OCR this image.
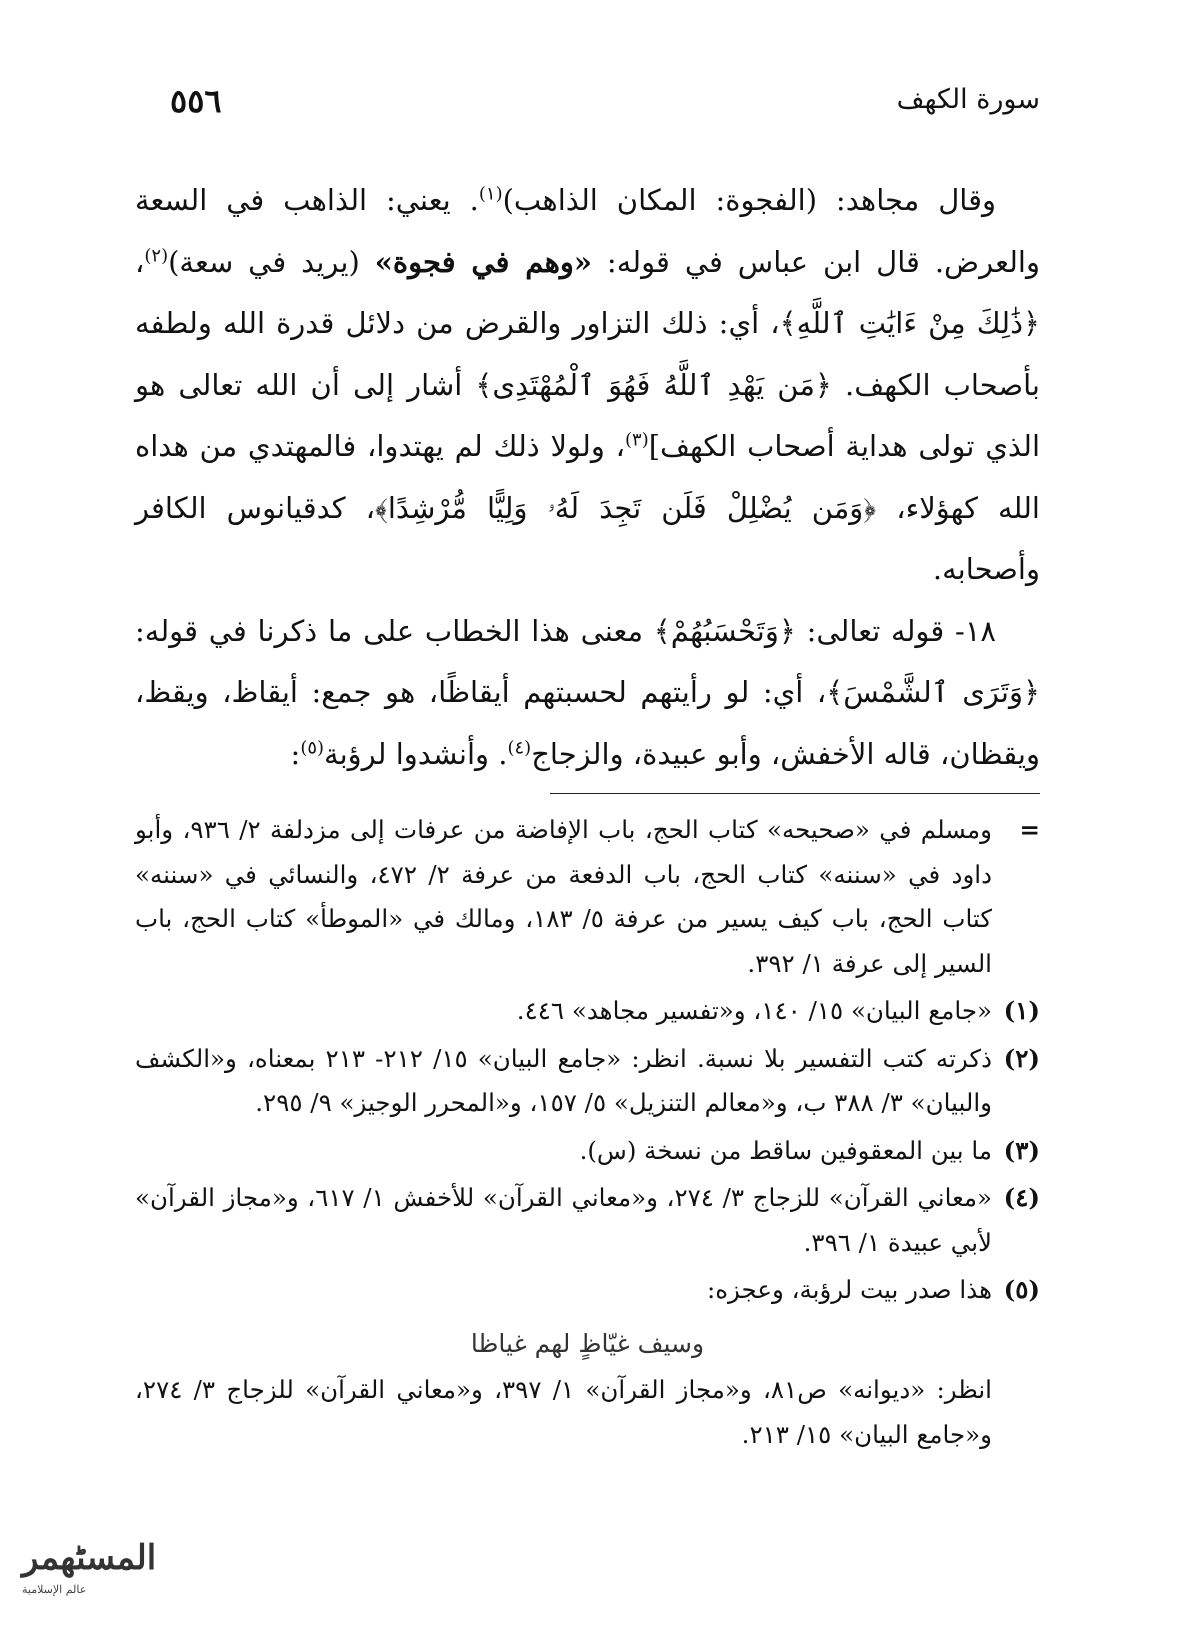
٥٥٦	سورة الكهف

وقال مجاهد: (الفجوة: المكان الذاهب)$^{(١)}$. يعني: الذاهب في السعة والعرض. قال ابن عباس في قوله: «وهم في فجوة» (يريد في سعة)$^{(٢)}$، ﴿ذَٰلِكَ مِنْ ءَايَٰتِ ٱللَّهِ﴾، أي: ذلك التزاور والقرض من دلائل قدرة الله ولطفه بأصحاب الكهف. ﴿مَن يَهْدِ ٱللَّهُ فَهُوَ ٱلْمُهْتَدِى﴾ أشار إلى أن الله تعالى هو الذي تولى هداية أصحاب الكهف]$^{(٣)}$، ولولا ذلك لم يهتدوا، فالمهتدي من هداه الله كهؤلاء، ﴿وَمَن يُضْلِلْ فَلَن تَجِدَ لَهُۥ وَلِيًّا مُّرْشِدًا﴾، كدقيانوس الكافر وأصحابه.

١٨- قوله تعالى: ﴿وَتَحْسَبُهُمْ﴾ معنى هذا الخطاب على ما ذكرنا في قوله: ﴿وَتَرَى ٱلشَّمْسَ﴾، أي: لو رأيتهم لحسبتهم أيقاظًا، هو جمع: أيقاظ، ويقظ، ويقظان، قاله الأخفش، وأبو عبيدة، والزجاج$^{(٤)}$. وأنشدوا لرؤبة$^{(٥)}$:

=
ومسلم في «صحيحه» كتاب الحج، باب الإفاضة من عرفات إلى مزدلفة ٢/ ٩٣٦، وأبو داود في «سننه» كتاب الحج، باب الدفعة من عرفة ٢/ ٤٧٢، والنسائي في «سننه» كتاب الحج، باب كيف يسير من عرفة ٥/ ١٨٣، ومالك في «الموطأ» كتاب الحج، باب السير إلى عرفة ١/ ٣٩٢.
(١)
«جامع البيان» ١٥/ ١٤٠، و«تفسير مجاهد» ٤٤٦.
(٢)
ذكرته كتب التفسير بلا نسبة. انظر: «جامع البيان» ١٥/ ٢١٢- ٢١٣ بمعناه، و«الكشف والبيان» ٣/ ٣٨٨ ب، و«معالم التنزيل» ٥/ ١٥٧، و«المحرر الوجيز» ٩/ ٢٩٥.
(٣)
ما بين المعقوفين ساقط من نسخة (س).
(٤)
«معاني القرآن» للزجاج ٣/ ٢٧٤، و«معاني القرآن» للأخفش ١/ ٦١٧، و«مجاز القرآن» لأبي عبيدة ١/ ٣٩٦.
(٥)
هذا صدر بيت لرؤبة، وعجزه:
وسيف غيّاظٍ لهم غياظا
انظر: «ديوانه» ص٨١، و«مجاز القرآن» ١/ ٣٩٧، و«معاني القرآن» للزجاج ٣/ ٢٧٤، و«جامع البيان» ١٥/ ٢١٣.
المسٹهمر
عالم الإسلامية
